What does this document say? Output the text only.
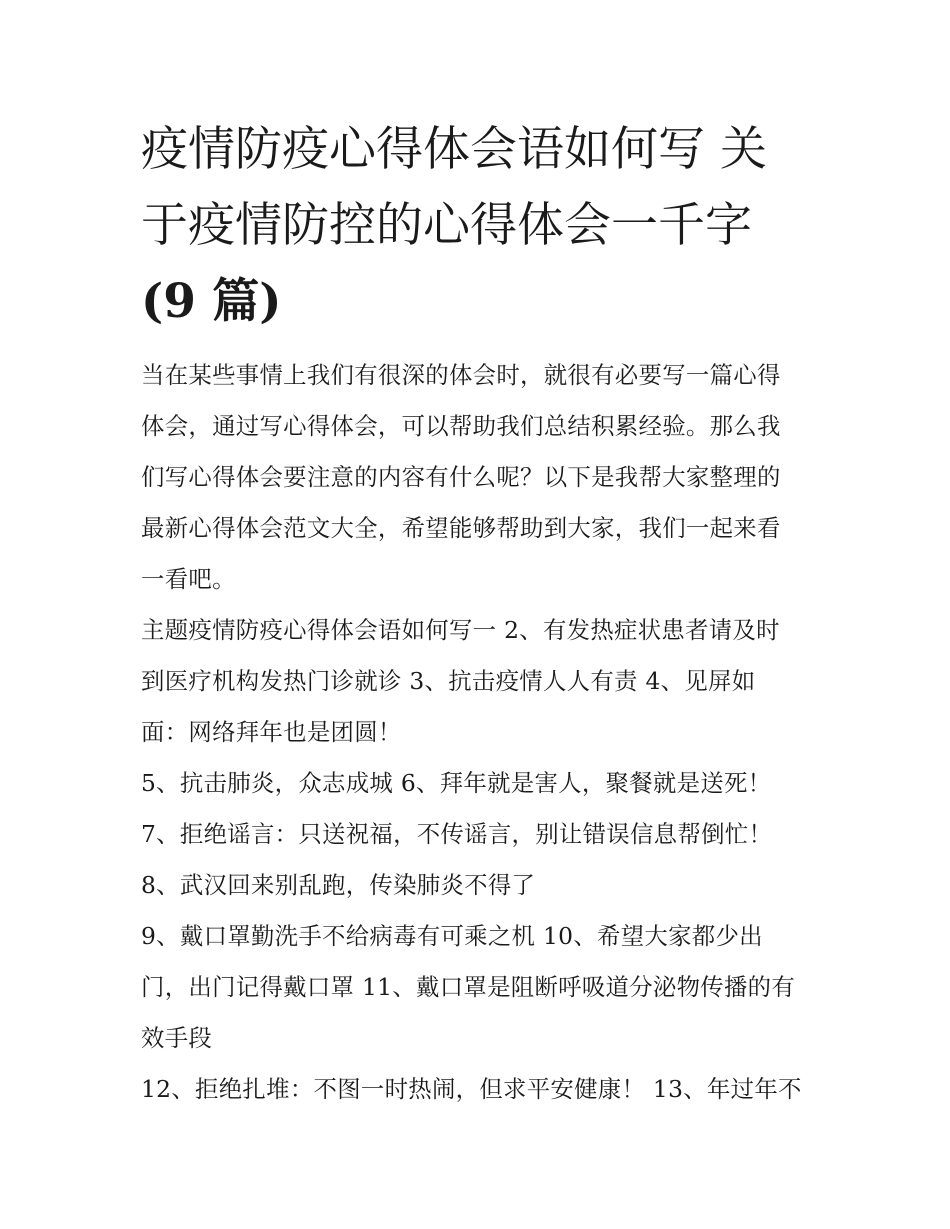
疫情防疫心得体会语如何写 关
于疫情防控的心得体会一千字
(9 篇)
当在某些事情上我们有很深的体会时，就很有必要写一篇心得
体会，通过写心得体会，可以帮助我们总结积累经验。那么我
们写心得体会要注意的内容有什么呢？以下是我帮大家整理的
最新心得体会范文大全，希望能够帮助到大家，我们一起来看
一看吧。
主题疫情防疫心得体会语如何写一 2、有发热症状患者请及时
到医疗机构发热门诊就诊 3、抗击疫情人人有责 4、见屏如
面：网络拜年也是团圆！
5、抗击肺炎，众志成城 6、拜年就是害人，聚餐就是送死！
7、拒绝谣言：只送祝福，不传谣言，别让错误信息帮倒忙！
8、武汉回来别乱跑，传染肺炎不得了
9、戴口罩勤洗手不给病毒有可乘之机 10、希望大家都少出
门，出门记得戴口罩 11、戴口罩是阻断呼吸道分泌物传播的有
效手段
12、拒绝扎堆：不图一时热闹，但求平安健康！ 13、年过年不
